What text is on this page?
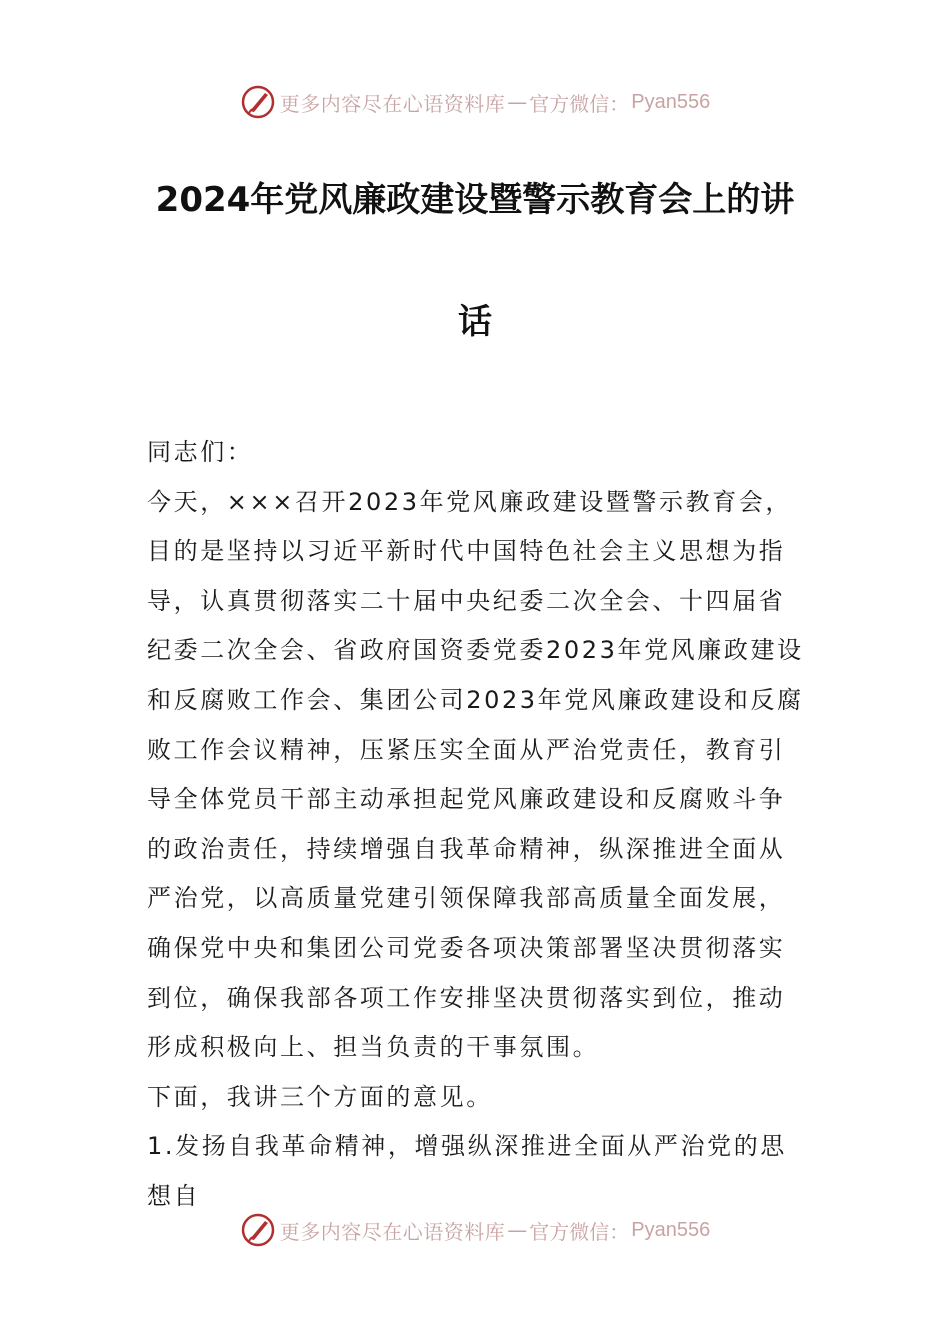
更多内容尽在心语资料库 — 官方微信： Pyan556
2024年党风廉政建设暨警示教育会上的讲
话

同志们：

今天，×××召开2023年党风廉政建设暨警示教育会，目的是坚持以习近平新时代中国特色社会主义思想为指导，认真贯彻落实二十届中央纪委二次全会、十四届省纪委二次全会、省政府国资委党委2023年党风廉政建设和反腐败工作会、集团公司2023年党风廉政建设和反腐败工作会议精神，压紧压实全面从严治党责任，教育引导全体党员干部主动承担起党风廉政建设和反腐败斗争的政治责任，持续增强自我革命精神，纵深推进全面从严治党，以高质量党建引领保障我部高质量全面发展，确保党中央和集团公司党委各项决策部署坚决贯彻落实到位，确保我部各项工作安排坚决贯彻落实到位，推动形成积极向上、担当负责的干事氛围。

下面，我讲三个方面的意见。

1.发扬自我革命精神，增强纵深推进全面从严治党的思想自

更多内容尽在心语资料库 — 官方微信： Pyan556
